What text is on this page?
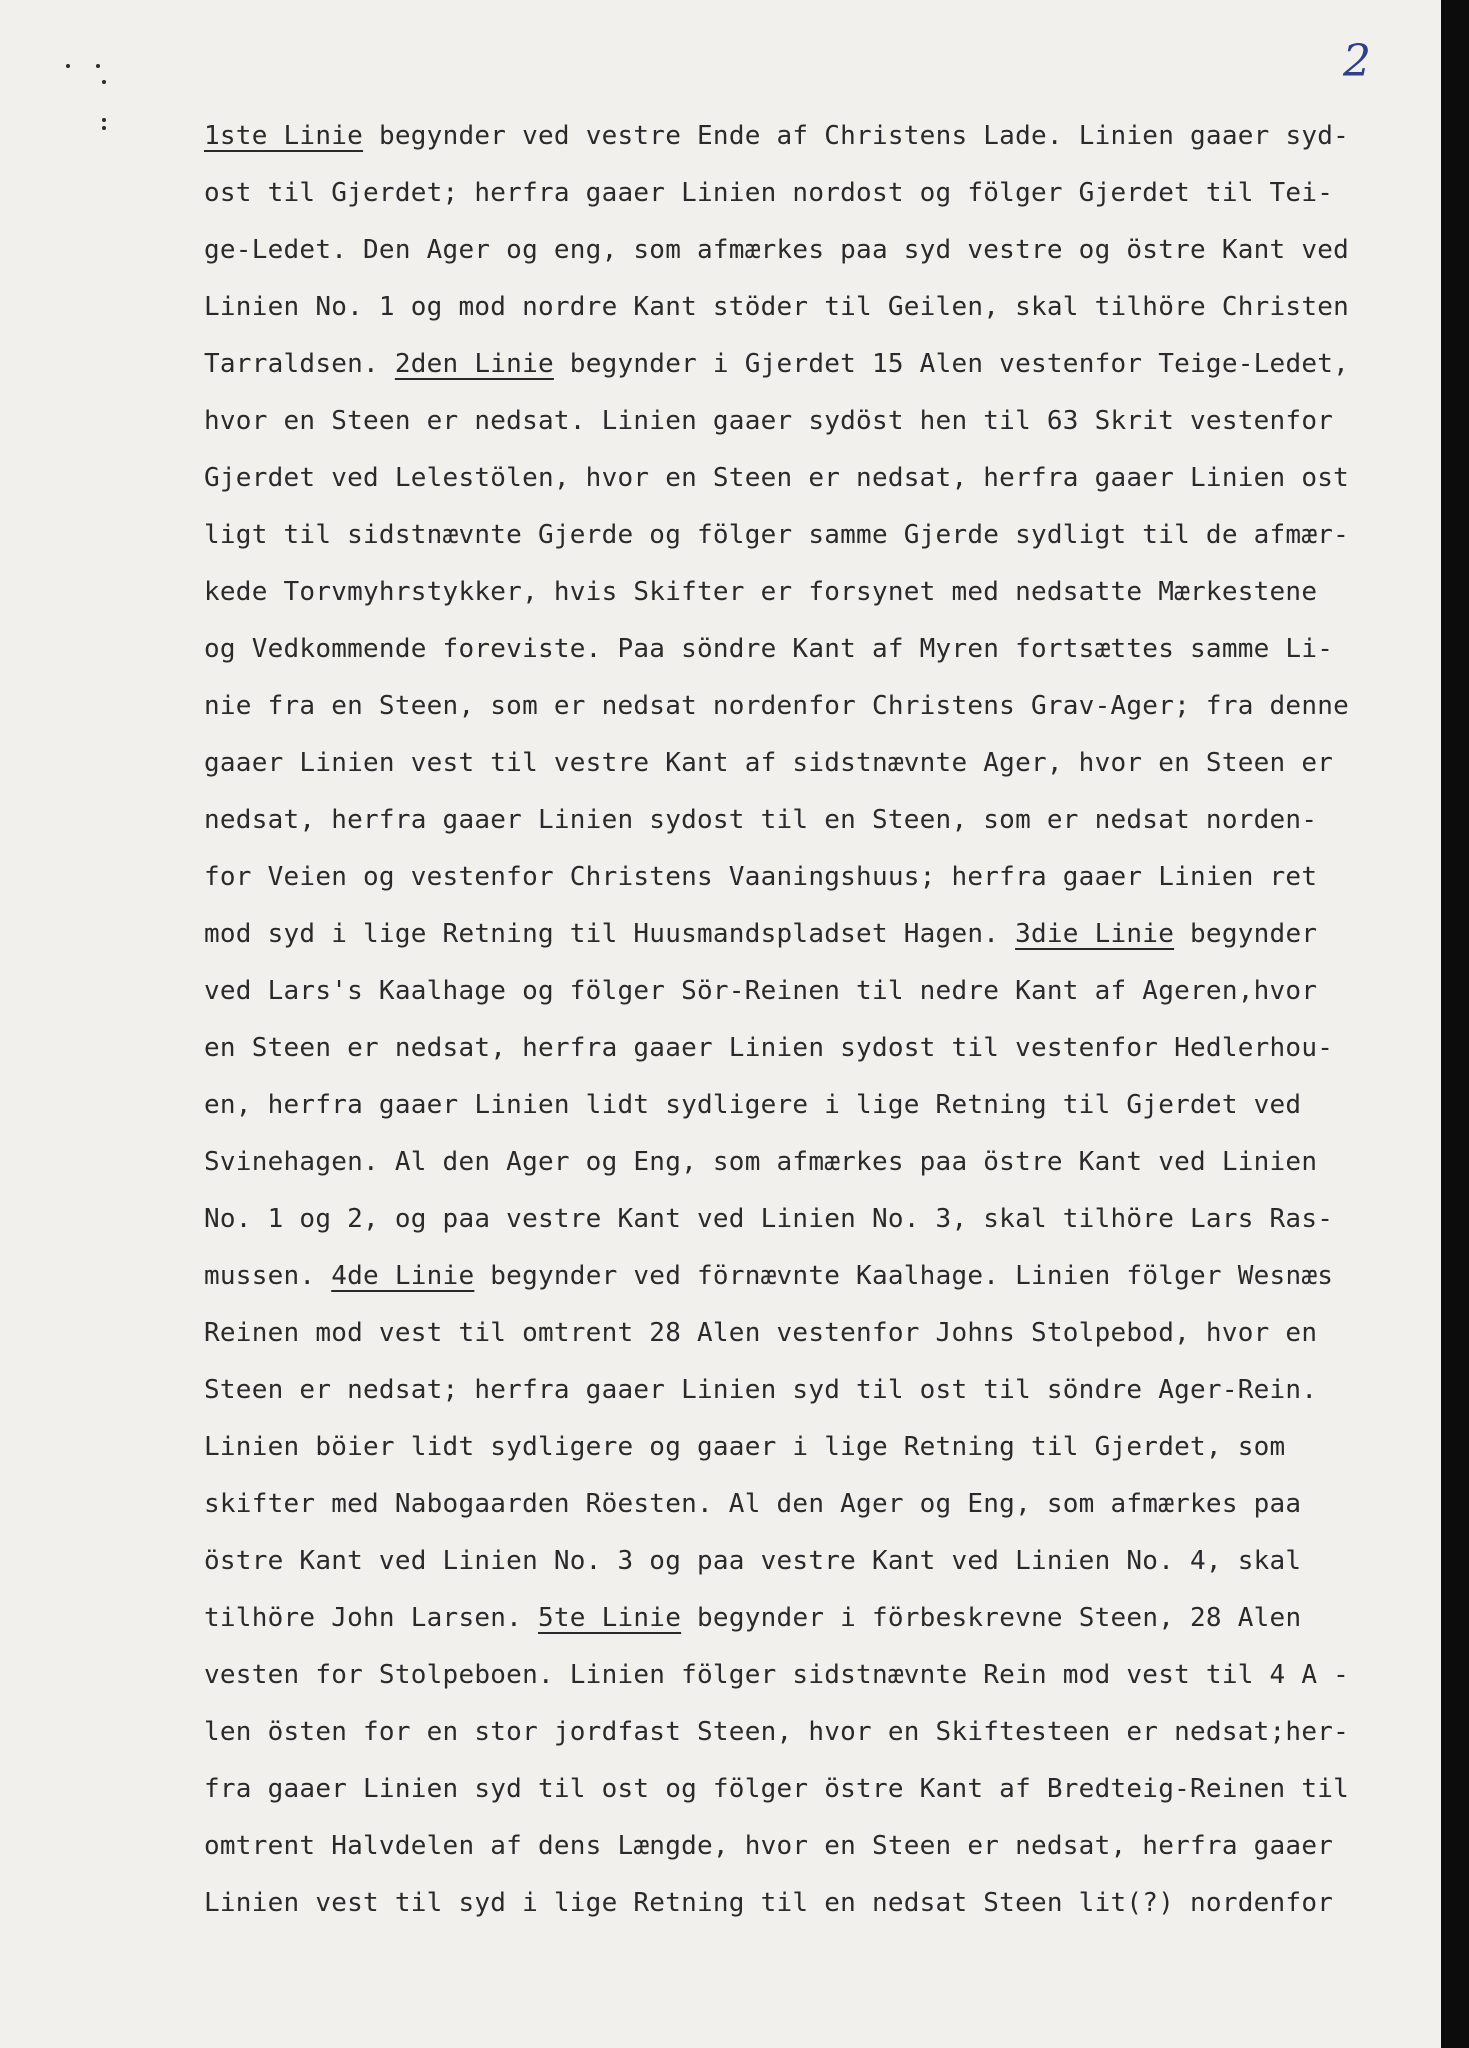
2
1ste Linie begynder ved vestre Ende af Christens Lade. Linien gaaer syd-
ost til Gjerdet; herfra gaaer Linien nordost og fölger Gjerdet til Tei-
ge-Ledet. Den Ager og eng, som afmærkes paa syd vestre og östre Kant ved
Linien No. 1 og mod nordre Kant stöder til Geilen, skal tilhöre Christen
Tarraldsen. 2den Linie begynder i Gjerdet 15 Alen vestenfor Teige-Ledet,
hvor en Steen er nedsat. Linien gaaer sydöst hen til 63 Skrit vestenfor
Gjerdet ved Lelestölen, hvor en Steen er nedsat, herfra gaaer Linien ost
ligt til sidstnævnte Gjerde og fölger samme Gjerde sydligt til de afmær-
kede Torvmyhrstykker, hvis Skifter er forsynet med nedsatte Mærkestene
og Vedkommende foreviste. Paa söndre Kant af Myren fortsættes samme Li-
nie fra en Steen, som er nedsat nordenfor Christens Grav-Ager; fra denne
gaaer Linien vest til vestre Kant af sidstnævnte Ager, hvor en Steen er
nedsat, herfra gaaer Linien sydost til en Steen, som er nedsat norden-
for Veien og vestenfor Christens Vaaningshuus; herfra gaaer Linien ret
mod syd i lige Retning til Huusmandspladset Hagen. 3die Linie begynder
ved Lars's Kaalhage og fölger Sör-Reinen til nedre Kant af Ageren,hvor
en Steen er nedsat, herfra gaaer Linien sydost til vestenfor Hedlerhou-
en, herfra gaaer Linien lidt sydligere i lige Retning til Gjerdet ved
Svinehagen. Al den Ager og Eng, som afmærkes paa östre Kant ved Linien
No. 1 og 2, og paa vestre Kant ved Linien No. 3, skal tilhöre Lars Ras-
mussen. 4de Linie begynder ved förnævnte Kaalhage. Linien fölger Wesnæs
Reinen mod vest til omtrent 28 Alen vestenfor Johns Stolpebod, hvor en
Steen er nedsat; herfra gaaer Linien syd til ost til söndre Ager-Rein.
Linien böier lidt sydligere og gaaer i lige Retning til Gjerdet, som
skifter med Nabogaarden Röesten. Al den Ager og Eng, som afmærkes paa
östre Kant ved Linien No. 3 og paa vestre Kant ved Linien No. 4, skal
tilhöre John Larsen. 5te Linie begynder i förbeskrevne Steen, 28 Alen
vesten for Stolpeboen. Linien fölger sidstnævnte Rein mod vest til 4 A -
len östen for en stor jordfast Steen, hvor en Skiftesteen er nedsat;her-
fra gaaer Linien syd til ost og fölger östre Kant af Bredteig-Reinen til
omtrent Halvdelen af dens Længde, hvor en Steen er nedsat, herfra gaaer
Linien vest til syd i lige Retning til en nedsat Steen lit(?) nordenfor
